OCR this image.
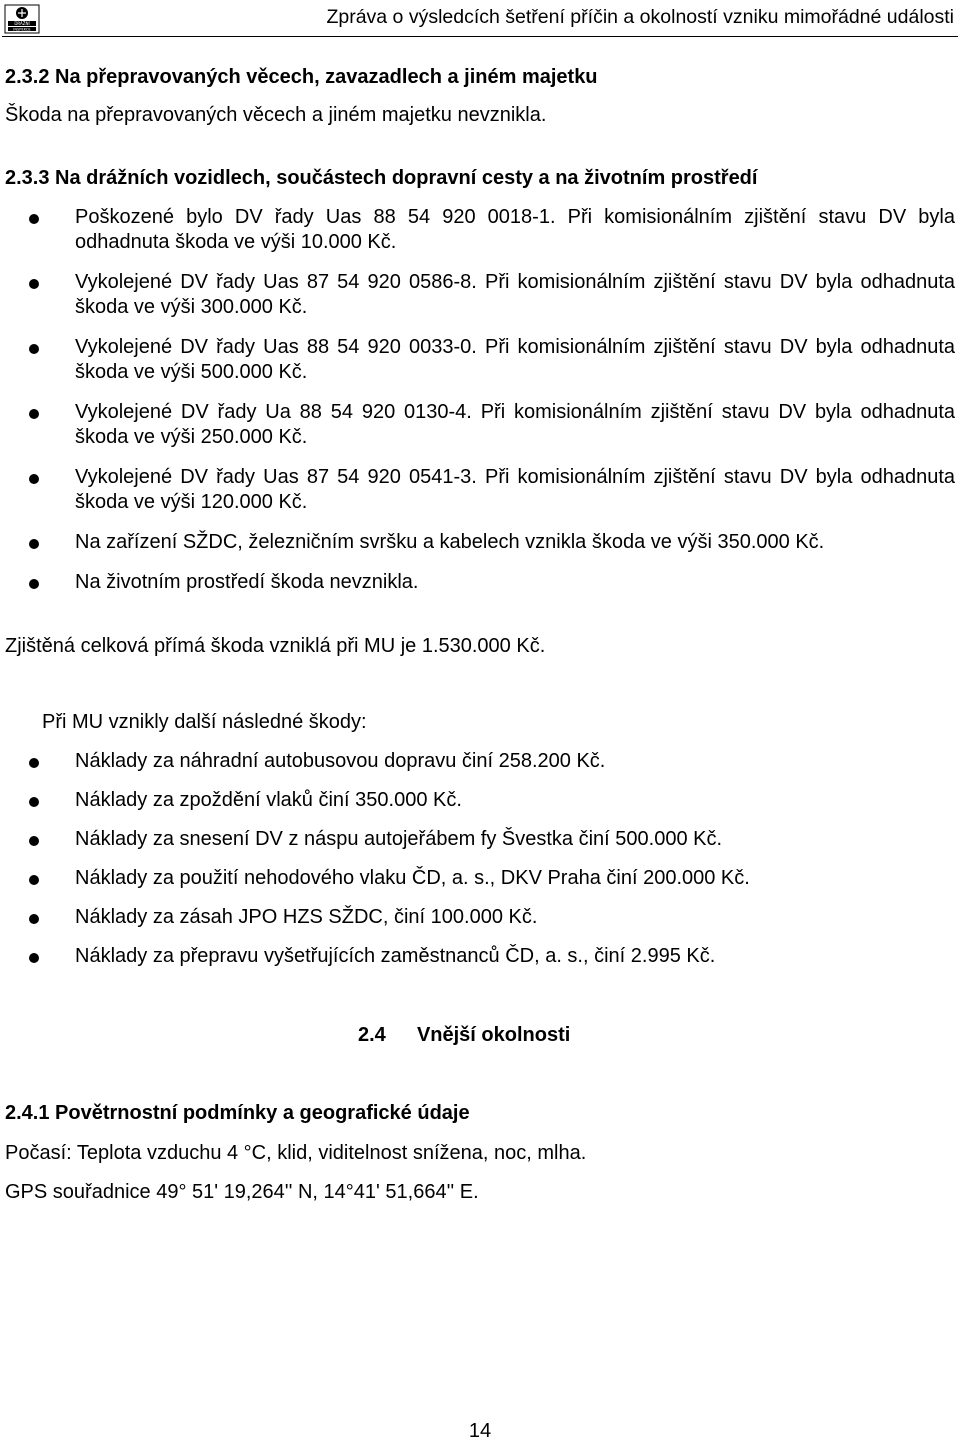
DRÁŽNÍ
INSPEKCE
Zpráva o výsledcích šetření příčin a okolností vzniku mimořádné události
2.3.2 Na přepravovaných věcech, zavazadlech a jiném majetku
Škoda na přepravovaných věcech a jiném majetku nevznikla.
2.3.3 Na drážních vozidlech, součástech dopravní cesty a na životním prostředí
Poškozené bylo DV řady Uas 88 54 920 0018-1. Při komisionálním zjištění stavu DV byla odhadnuta škoda ve výši 10.000 Kč.
Vykolejené DV řady Uas 87 54 920 0586-8. Při komisionálním zjištění stavu DV byla odhadnuta škoda ve výši 300.000 Kč.
Vykolejené DV řady Uas 88 54 920 0033-0. Při komisionálním zjištění stavu DV byla odhadnuta škoda ve výši 500.000 Kč.
Vykolejené DV řady Ua 88 54 920 0130-4. Při komisionálním zjištění stavu DV byla odhadnuta škoda ve výši 250.000 Kč.
Vykolejené DV řady Uas 87 54 920 0541-3. Při komisionálním zjištění stavu DV byla odhadnuta škoda ve výši 120.000 Kč.
Na zařízení SŽDC, železničním svršku a kabelech vznikla škoda ve výši 350.000 Kč.
Na životním prostředí škoda nevznikla.
Zjištěná celková přímá škoda vzniklá při MU je 1.530.000 Kč.
Při MU vznikly další následné škody:
Náklady za náhradní autobusovou dopravu činí 258.200 Kč.
Náklady za zpoždění vlaků činí 350.000 Kč.
Náklady za snesení DV z náspu autojeřábem fy Švestka činí 500.000 Kč.
Náklady za použití nehodového vlaku ČD, a. s., DKV Praha činí 200.000 Kč.
Náklady za zásah JPO HZS SŽDC, činí 100.000 Kč.
Náklady za přepravu vyšetřujících zaměstnanců ČD, a. s., činí 2.995 Kč.
2.4 Vnější okolnosti
2.4.1 Povětrnostní podmínky a geografické údaje
Počasí: Teplota vzduchu 4 °C, klid, viditelnost snížena, noc, mlha.
GPS souřadnice 49° 51' 19,264'' N, 14°41' 51,664'' E.
14
